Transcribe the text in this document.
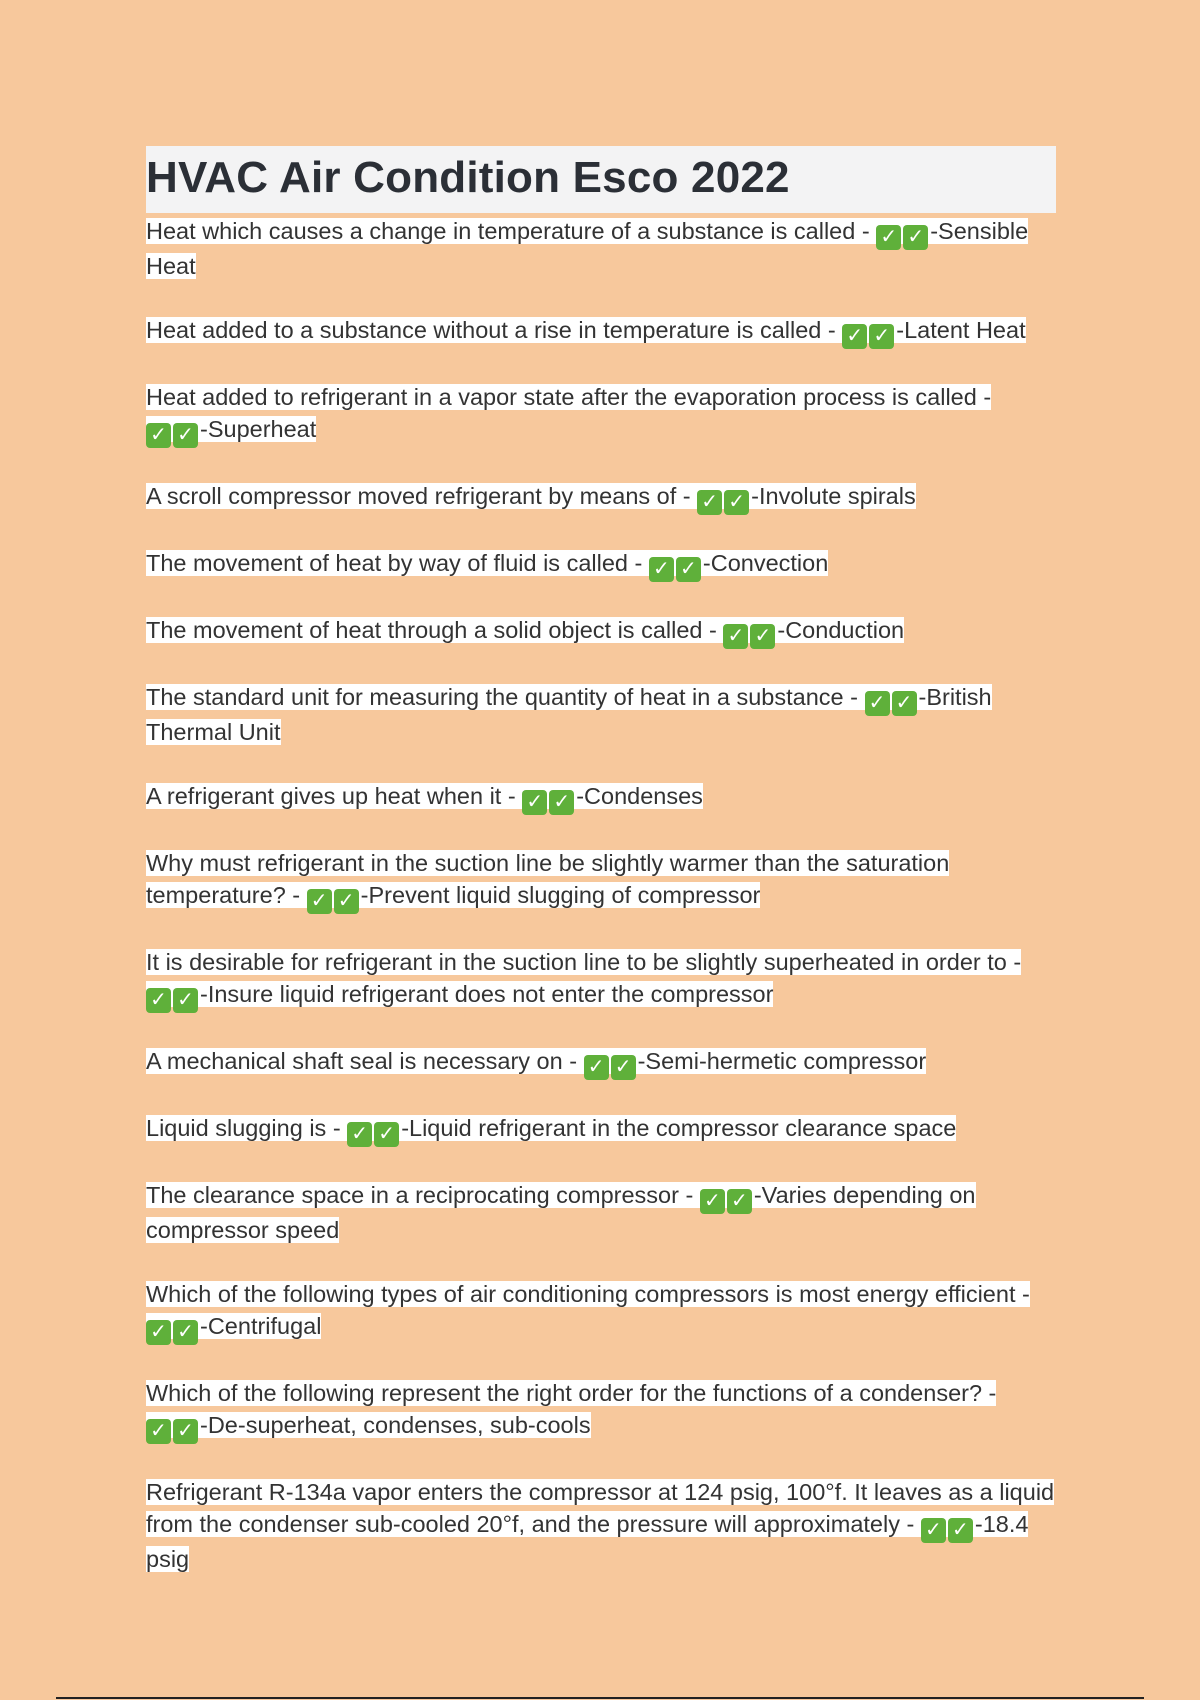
HVAC Air Condition Esco 2022

Heat which causes a change in temperature of a substance is called - ✓ ✓ -Sensible Heat

Heat added to a substance without a rise in temperature is called - ✓ ✓ -Latent Heat

Heat added to refrigerant in a vapor state after the evaporation process is called - ✓ ✓ -Superheat

A scroll compressor moved refrigerant by means of - ✓ ✓ -Involute spirals

The movement of heat by way of fluid is called - ✓ ✓ -Convection

The movement of heat through a solid object is called - ✓ ✓ -Conduction

The standard unit for measuring the quantity of heat in a substance - ✓ ✓ -British Thermal Unit

A refrigerant gives up heat when it - ✓ ✓ -Condenses

Why must refrigerant in the suction line be slightly warmer than the saturation temperature? - ✓ ✓ -Prevent liquid slugging of compressor

It is desirable for refrigerant in the suction line to be slightly superheated in order to - ✓ ✓ -Insure liquid refrigerant does not enter the compressor

A mechanical shaft seal is necessary on - ✓ ✓ -Semi-hermetic compressor

Liquid slugging is - ✓ ✓ -Liquid refrigerant in the compressor clearance space

The clearance space in a reciprocating compressor - ✓ ✓ -Varies depending on compressor speed

Which of the following types of air conditioning compressors is most energy efficient - ✓ ✓ -Centrifugal

Which of the following represent the right order for the functions of a condenser? - ✓ ✓ -De-superheat, condenses, sub-cools

Refrigerant R-134a vapor enters the compressor at 124 psig, 100°f. It leaves as a liquid from the condenser sub-cooled 20°f, and the pressure will approximately - ✓ ✓ -18.4 psig
